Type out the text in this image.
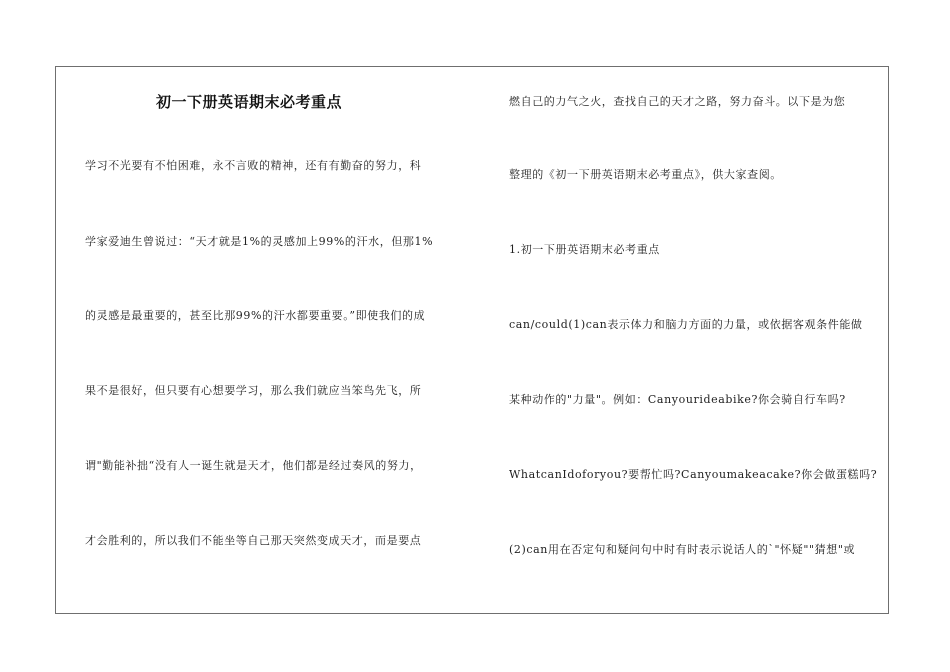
初一下册英语期末必考重点

学习不光要有不怕困难，永不言败的精神，还有有勤奋的努力，科

学家爱迪生曾说过：“天才就是1%的灵感加上99%的汗水，但那1%

的灵感是最重要的，甚至比那99%的汗水都要重要。”即使我们的成

果不是很好，但只要有心想要学习，那么我们就应当笨鸟先飞，所

谓"勤能补拙“没有人一诞生就是天才，他们都是经过奏风的努力，

才会胜利的，所以我们不能坐等自己那天突然变成天才，而是要点

燃自己的力气之火，查找自己的天才之路，努力奋斗。以下是为您

整理的《初一下册英语期末必考重点》，供大家查阅。

1.初一下册英语期末必考重点

can/could(1)can表示体力和脑力方面的力量，或依据客观条件能做

某种动作的"力量"。例如：Canyourideabike?你会骑自行车吗?

WhatcanIdoforyou?要帮忙吗?Canyoumakeacake?你会做蛋糕吗?

(2)can用在否定句和疑问句中时有时表示说话人的`"怀疑""猜想"或
